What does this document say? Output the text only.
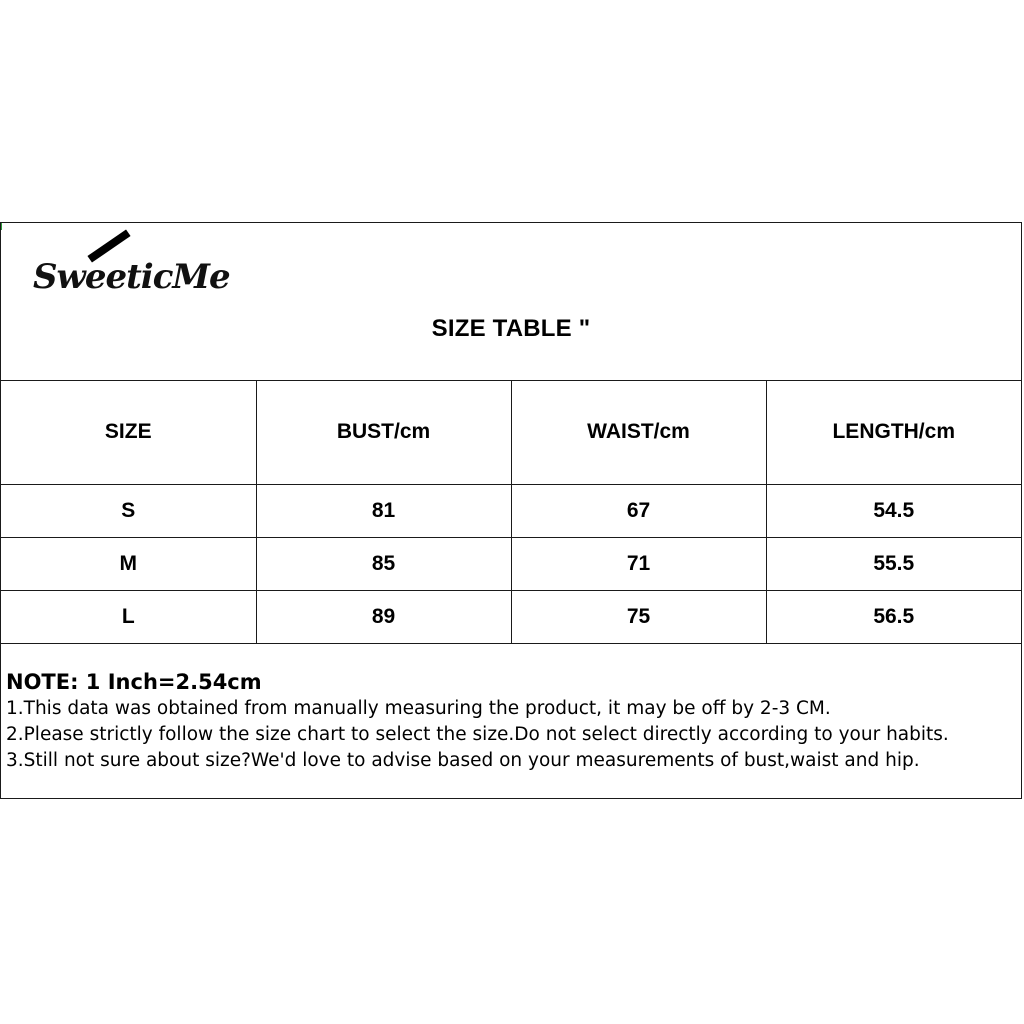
SweeticMe
SIZE TABLE "
SIZE	BUST/cm	WAIST/cm	LENGTH/cm
S	81	67	54.5
M	85	71	55.5
L	89	75	56.5
NOTE: 1 Inch=2.54cm
1.This data was obtained from manually measuring the product, it may be off by 2-3 CM.
2.Please strictly follow the size chart to select the size.Do not select directly according to your habits.
3.Still not sure about size?We'd love to advise based on your measurements of bust,waist and hip.
